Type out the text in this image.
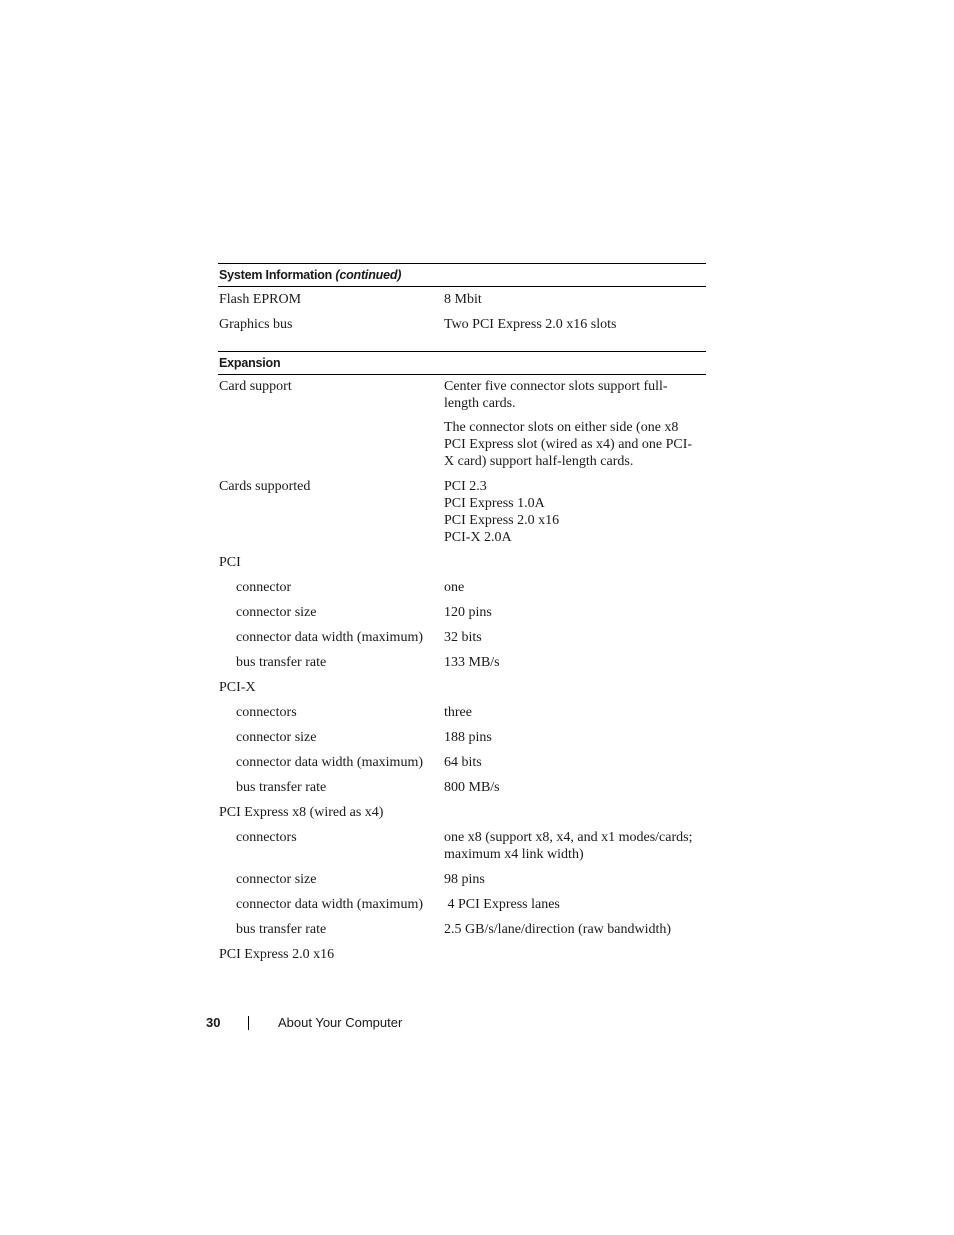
System Information (continued)
Flash EPROM	8 Mbit
Graphics bus	Two PCI Express 2.0 x16 slots
Expansion
Card support	Center five connector slots support full-
length cards.
The connector slots on either side (one x8
PCI Express slot (wired as x4) and one PCI-
X card) support half-length cards.
Cards supported	PCI 2.3
PCI Express 1.0A
PCI Express 2.0 x16
PCI-X 2.0A
PCI
connector	one
connector size	120 pins
connector data width (maximum) 32 bits
bus transfer rate	133 MB/s
PCI-X
connectors	three
connector size	188 pins
connector data width (maximum) 64 bits
bus transfer rate	800 MB/s
PCI Express x8 (wired as x4)
connectors	one x8 (support x8, x4, and x1 modes/cards;
maximum x4 link width)
connector size	98 pins
connector data width (maximum) 4 PCI Express lanes
bus transfer rate	2.5 GB/s/lane/direction (raw bandwidth)
PCI Express 2.0 x16
30	About Your Computer
